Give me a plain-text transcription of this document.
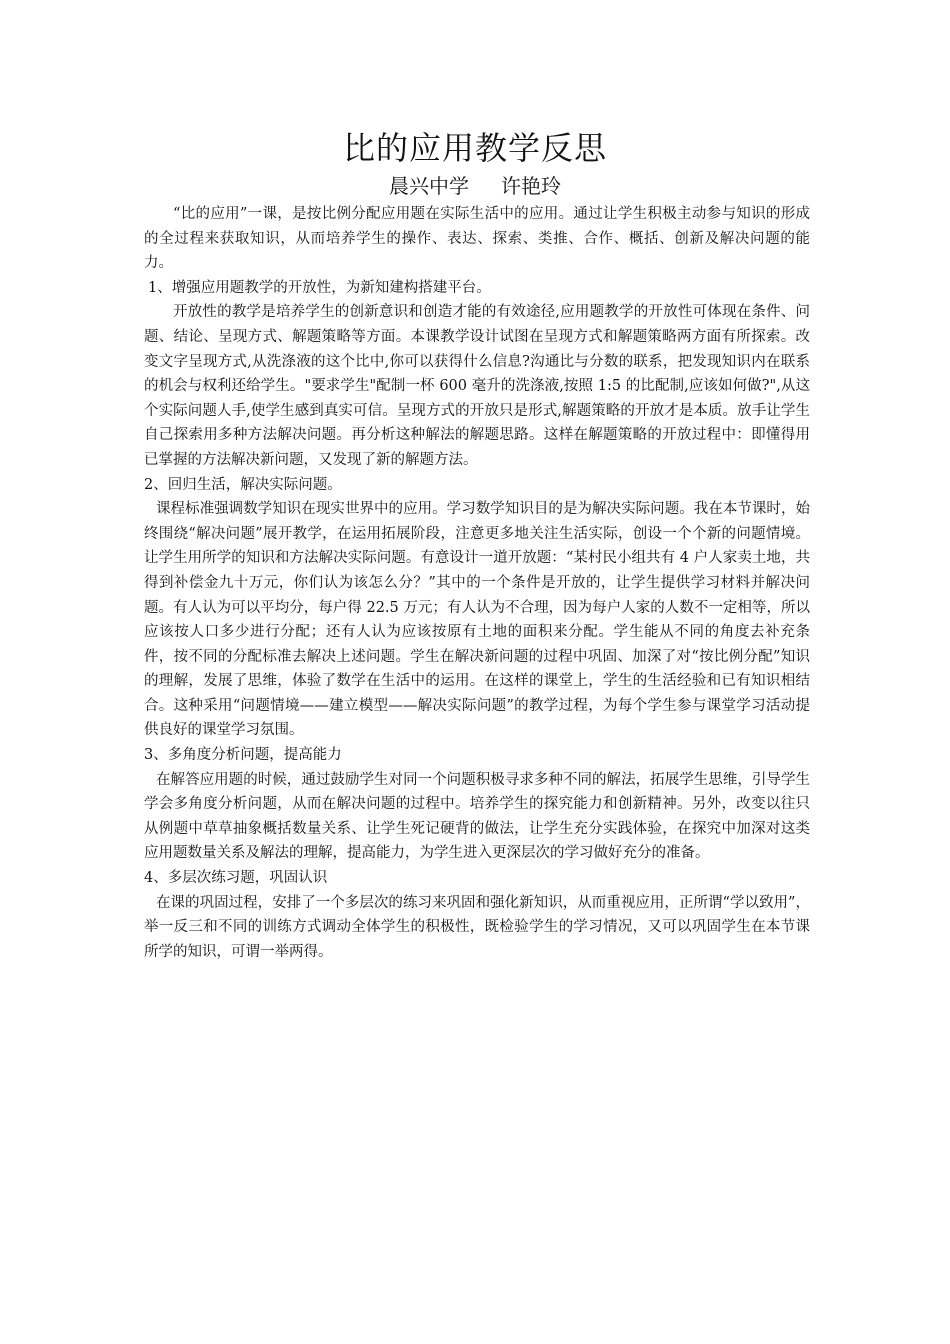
比的应用教学反思
晨兴中学 许艳玲

“比的应用”一课，是按比例分配应用题在实际生活中的应用。通过让学生积极主动参与知识的形成的全过程来获取知识，从而培养学生的操作、表达、探索、类推、合作、概括、创新及解决问题的能力。

1、增强应用题教学的开放性，为新知建构搭建平台。

开放性的教学是培养学生的创新意识和创造才能的有效途径,应用题教学的开放性可体现在条件、问题、结论、呈现方式、解题策略等方面。本课教学设计试图在呈现方式和解题策略两方面有所探索。改变文字呈现方式,从洗涤液的这个比中,你可以获得什么信息?沟通比与分数的联系，把发现知识内在联系的机会与权利还给学生。"要求学生"配制一杯 600 毫升的洗涤液,按照 1:5 的比配制,应该如何做?",从这个实际问题人手,使学生感到真实可信。呈现方式的开放只是形式,解题策略的开放才是本质。放手让学生自己探索用多种方法解决问题。再分析这种解法的解题思路。这样在解题策略的开放过程中：即懂得用已掌握的方法解决新问题，又发现了新的解题方法。

2、回归生活，解决实际问题。

课程标准强调数学知识在现实世界中的应用。学习数学知识目的是为解决实际问题。我在本节课时，始终围绕“解决问题”展开教学，在运用拓展阶段，注意更多地关注生活实际，创设一个个新的问题情境。让学生用所学的知识和方法解决实际问题。有意设计一道开放题：“某村民小组共有 4 户人家卖土地，共得到补偿金九十万元，你们认为该怎么分？”其中的一个条件是开放的，让学生提供学习材料并解决问题。有人认为可以平均分，每户得 22.5 万元；有人认为不合理，因为每户人家的人数不一定相等，所以应该按人口多少进行分配；还有人认为应该按原有土地的面积来分配。学生能从不同的角度去补充条件，按不同的分配标准去解决上述问题。学生在解决新问题的过程中巩固、加深了对“按比例分配”知识的理解，发展了思维，体验了数学在生活中的运用。在这样的课堂上，学生的生活经验和已有知识相结合。这种采用“问题情境——建立模型——解决实际问题”的教学过程，为每个学生参与课堂学习活动提供良好的课堂学习氛围。

3、多角度分析问题，提高能力

在解答应用题的时候，通过鼓励学生对同一个问题积极寻求多种不同的解法，拓展学生思维，引导学生学会多角度分析问题，从而在解决问题的过程中。培养学生的探究能力和创新精神。另外，改变以往只从例题中草草抽象概括数量关系、让学生死记硬背的做法，让学生充分实践体验，在探究中加深对这类应用题数量关系及解法的理解，提高能力，为学生进入更深层次的学习做好充分的准备。

4、多层次练习题，巩固认识

在课的巩固过程，安排了一个多层次的练习来巩固和强化新知识，从而重视应用，正所谓“学以致用”，举一反三和不同的训练方式调动全体学生的积极性，既检验学生的学习情况，又可以巩固学生在本节课所学的知识，可谓一举两得。
